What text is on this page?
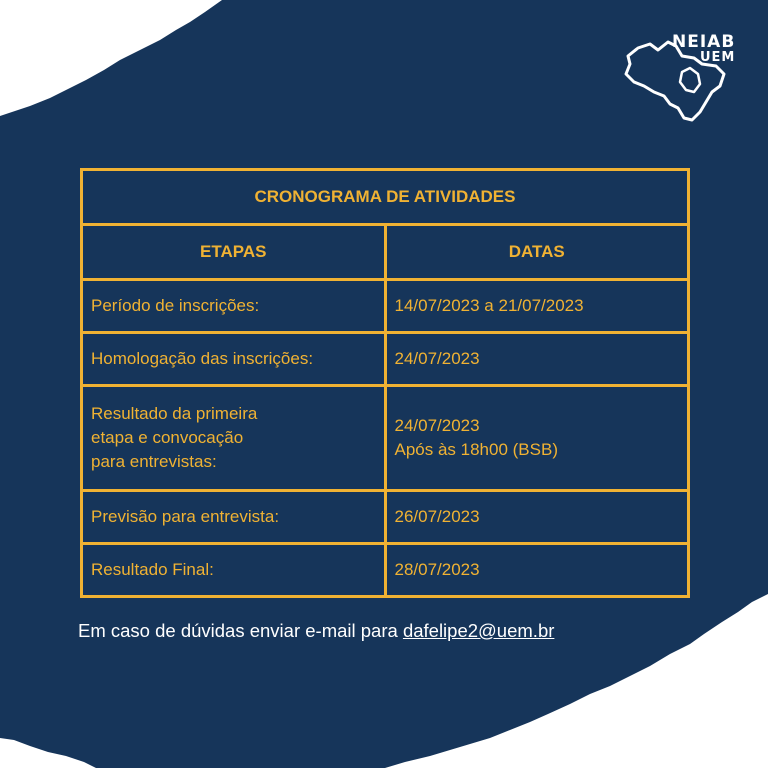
NEIAB
UEM
CRONOGRAMA DE ATIVIDADES	
ETAPAS	DATAS
Período de inscrições:	14/07/2023 a 21/07/2023
Homologação das inscrições:	24/07/2023
Resultado da primeira
etapa e convocação
para entrevistas:	24/07/2023
Após às 18h00 (BSB)
Previsão para entrevista:	26/07/2023
Resultado Final:	28/07/2023
Em caso de dúvidas enviar e-mail para dafelipe2@uem.br
